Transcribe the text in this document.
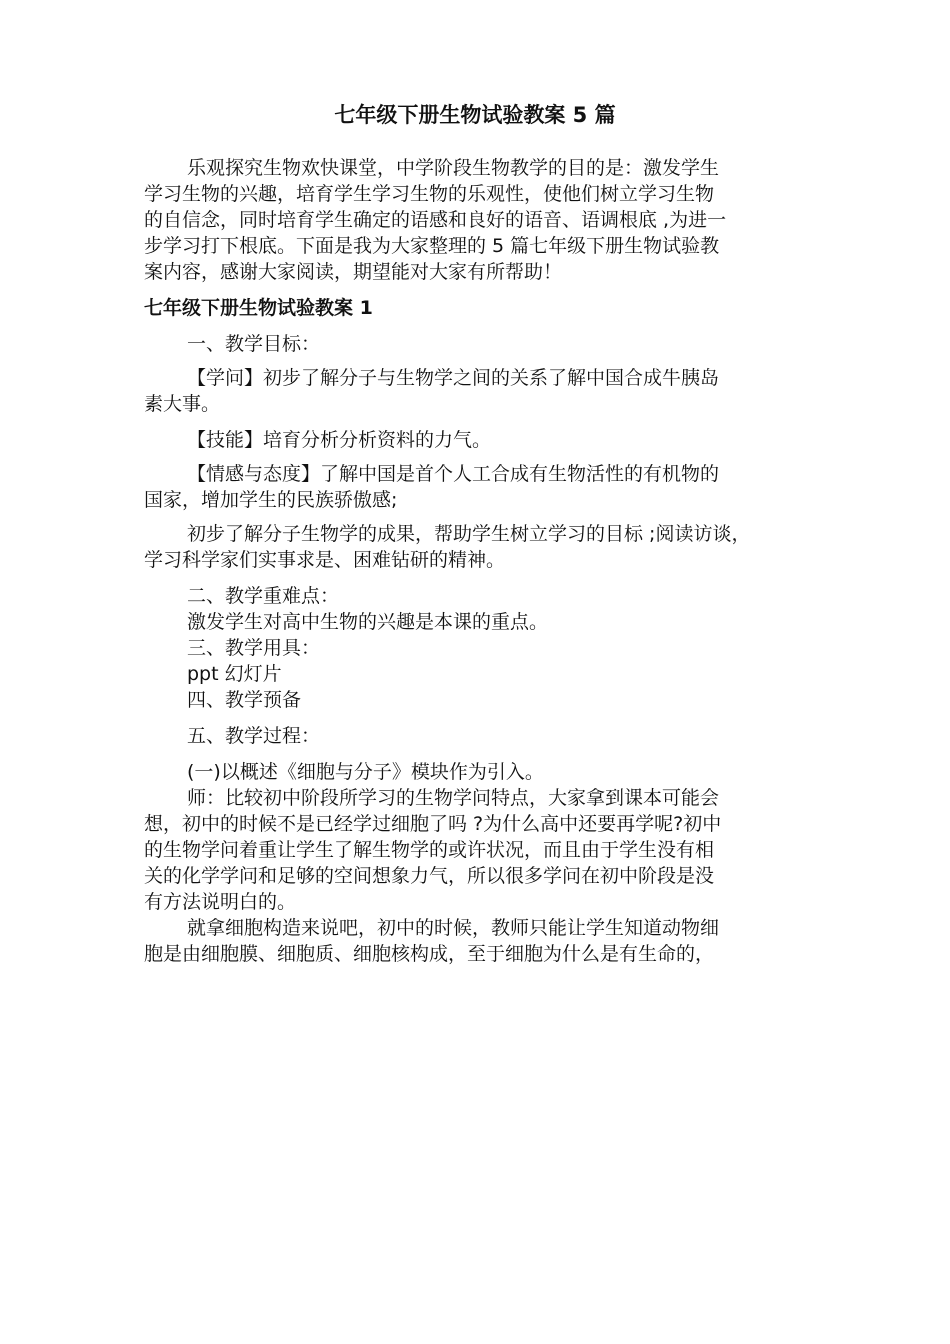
七年级下册生物试验教案 5 篇

乐观探究生物欢快课堂，中学阶段生物教学的目的是：激发学生

学习生物的兴趣，培育学生学习生物的乐观性，使他们树立学习生物

的自信念，同时培育学生确定的语感和良好的语音、语调根底 ,为进一

步学习打下根底。下面是我为大家整理的 5 篇七年级下册生物试验教

案内容，感谢大家阅读，期望能对大家有所帮助！

七年级下册生物试验教案 1

一、教学目标：

【学问】初步了解分子与生物学之间的关系了解中国合成牛胰岛

素大事。

【技能】培育分析分析资料的力气。

【情感与态度】了解中国是首个人工合成有生物活性的有机物的

国家，增加学生的民族骄傲感;

初步了解分子生物学的成果，帮助学生树立学习的目标 ;阅读访谈，

学习科学家们实事求是、困难钻研的精神。

二、教学重难点：

激发学生对高中生物的兴趣是本课的重点。

三、教学用具：

ppt 幻灯片

四、教学预备

五、教学过程：

(一)以概述《细胞与分子》模块作为引入。

师：比较初中阶段所学习的生物学问特点，大家拿到课本可能会

想，初中的时候不是已经学过细胞了吗 ?为什么高中还要再学呢?初中

的生物学问着重让学生了解生物学的或许状况，而且由于学生没有相

关的化学学问和足够的空间想象力气，所以很多学问在初中阶段是没

有方法说明白的。

就拿细胞构造来说吧，初中的时候，教师只能让学生知道动物细

胞是由细胞膜、细胞质、细胞核构成，至于细胞为什么是有生命的，
